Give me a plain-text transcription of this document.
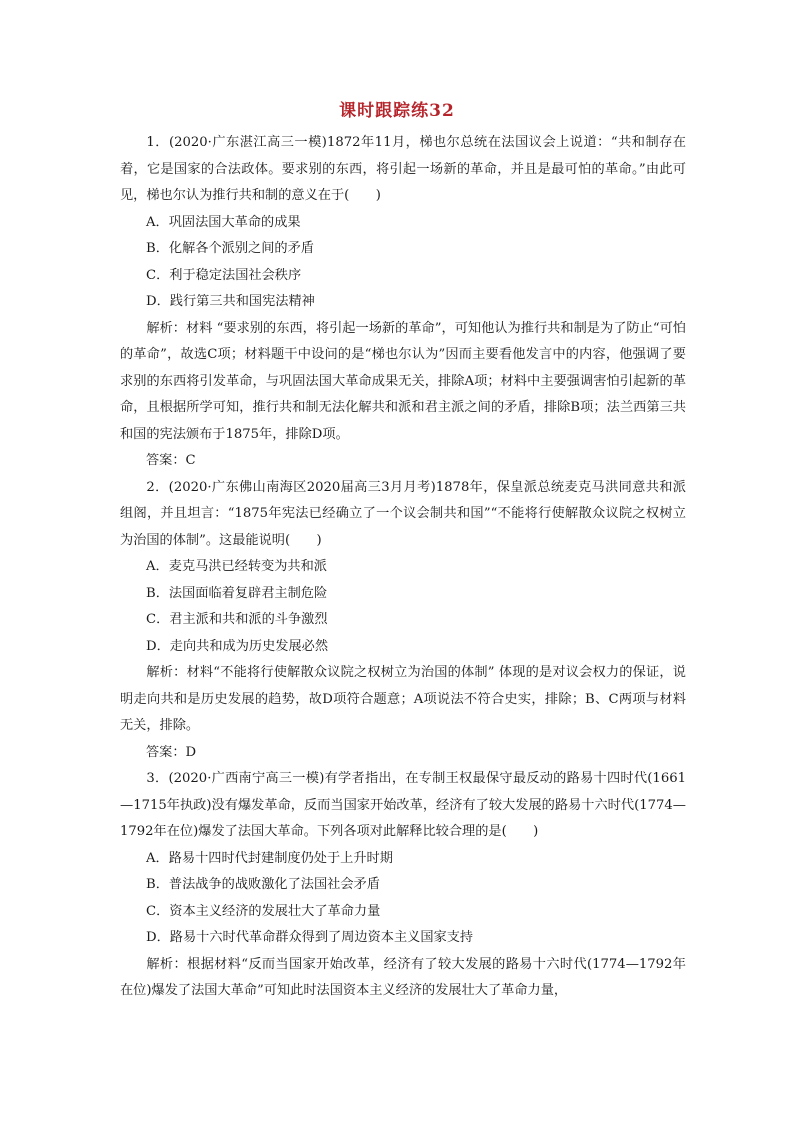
课时跟踪练32

1．(2020·广东湛江高三一模)1872年11月，梯也尔总统在法国议会上说道：“共和制存在着，它是国家的合法政体。要求别的东西，将引起一场新的革命，并且是最可怕的革命。”由此可见，梯也尔认为推行共和制的意义在于(　　)

A．巩固法国大革命的成果

B．化解各个派别之间的矛盾

C．利于稳定法国社会秩序

D．践行第三共和国宪法精神

解析：材料 “要求别的东西，将引起一场新的革命”，可知他认为推行共和制是为了防止“可怕的革命”，故选C项；材料题干中设问的是“梯也尔认为”因而主要看他发言中的内容，他强调了要求别的东西将引发革命，与巩固法国大革命成果无关，排除A项；材料中主要强调害怕引起新的革命，且根据所学可知，推行共和制无法化解共和派和君主派之间的矛盾，排除B项；法兰西第三共和国的宪法颁布于1875年，排除D项。

答案：C

2．(2020·广东佛山南海区2020届高三3月月考)1878年，保皇派总统麦克马洪同意共和派组阁，并且坦言：“1875年宪法已经确立了一个议会制共和国”“不能将行使解散众议院之权树立为治国的体制”。这最能说明(　　)

A．麦克马洪已经转变为共和派

B．法国面临着复辟君主制危险

C．君主派和共和派的斗争激烈

D．走向共和成为历史发展必然

解析：材料“不能将行使解散众议院之权树立为治国的体制” 体现的是对议会权力的保证，说明走向共和是历史发展的趋势，故D项符合题意；A项说法不符合史实，排除；B、C两项与材料无关，排除。

答案：D

3．(2020·广西南宁高三一模)有学者指出，在专制王权最保守最反动的路易十四时代(1661—1715年执政)没有爆发革命，反而当国家开始改革，经济有了较大发展的路易十六时代(1774—1792年在位)爆发了法国大革命。下列各项对此解释比较合理的是(　　)

A．路易十四时代封建制度仍处于上升时期

B．普法战争的战败激化了法国社会矛盾

C．资本主义经济的发展壮大了革命力量

D．路易十六时代革命群众得到了周边资本主义国家支持

解析：根据材料“反而当国家开始改革，经济有了较大发展的路易十六时代(1774—1792年在位)爆发了法国大革命”可知此时法国资本主义经济的发展壮大了革命力量，
